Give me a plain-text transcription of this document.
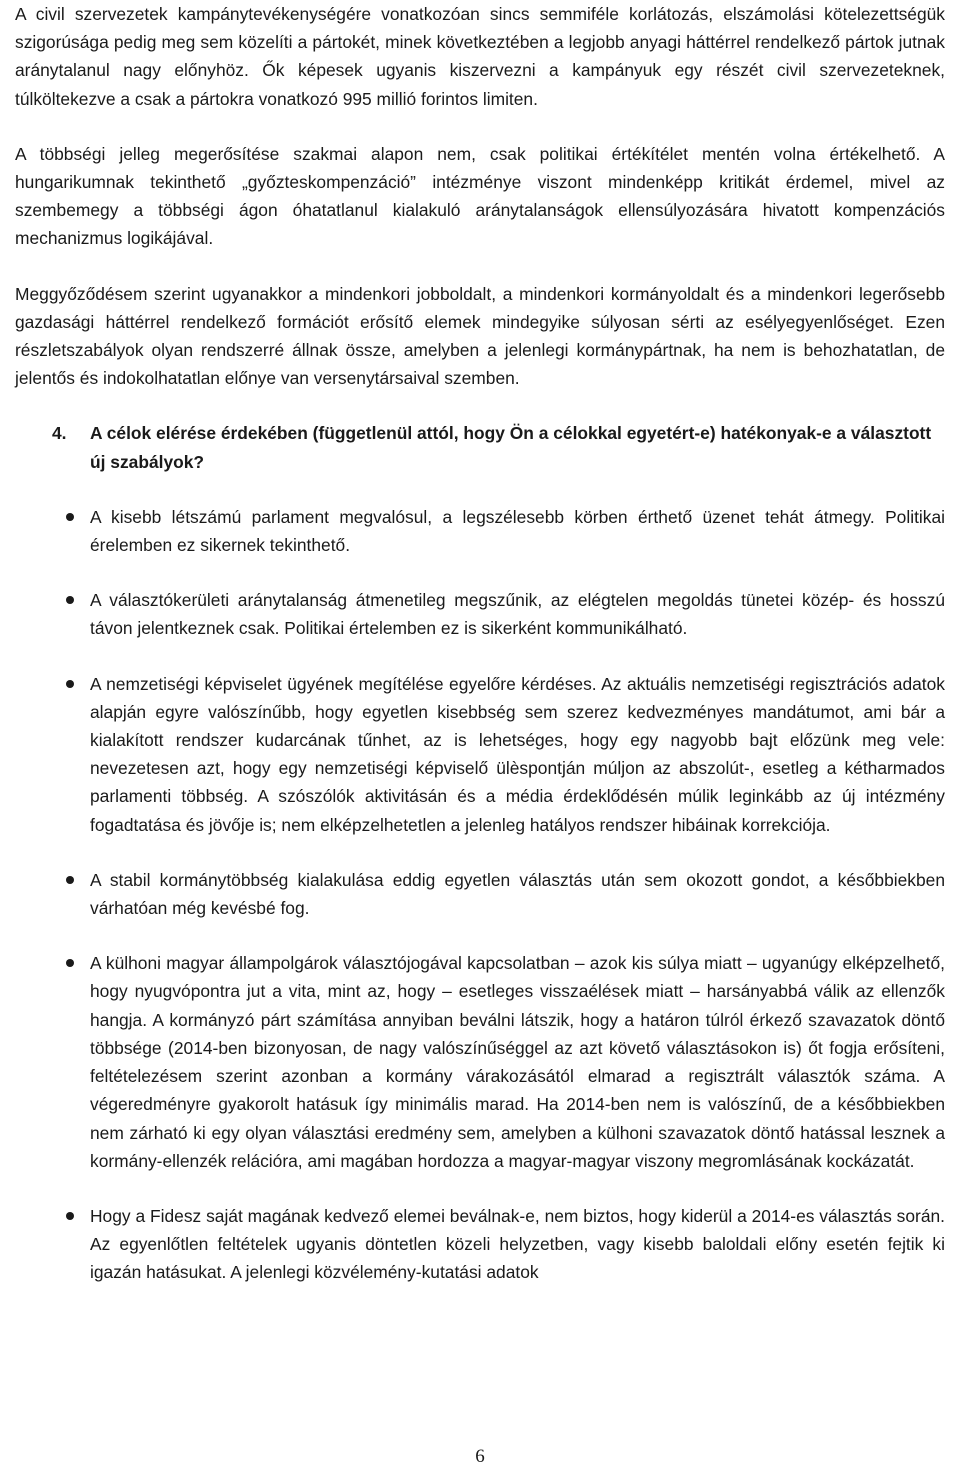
A civil szervezetek kampánytevékenységére vonatkozóan sincs semmiféle korlátozás, elszámolási kötelezettségük szigorúsága pedig meg sem közelíti a pártokét, minek következtében a legjobb anyagi háttérrel rendelkező pártok jutnak aránytalanul nagy előnyhöz. Ők képesek ugyanis kiszervezni a kampányuk egy részét civil szervezeteknek, túlköltekezve a csak a pártokra vonatkozó 995 millió forintos limiten.

A többségi jelleg megerősítése szakmai alapon nem, csak politikai értékítélet mentén volna értékelhető. A hungarikumnak tekinthető „győzteskompenzáció” intézménye viszont mindenképp kritikát érdemel, mivel az szembemegy a többségi ágon óhatatlanul kialakuló aránytalanságok ellensúlyozására hivatott kompenzációs mechanizmus logikájával.

Meggyőződésem szerint ugyanakkor a mindenkori jobboldalt, a mindenkori kormányoldalt és a mindenkori legerősebb gazdasági háttérrel rendelkező formációt erősítő elemek mindegyike súlyosan sérti az esélyegyenlőséget. Ezen részletszabályok olyan rendszerré állnak össze, amelyben a jelenlegi kormánypártnak, ha nem is behozhatatlan, de jelentős és indokolhatatlan előnye van versenytársaival szemben.

4.	A célok elérése érdekében (függetlenül attól, hogy Ön a célokkal egyetért-e) hatékonyak-e a választott új szabályok?
A kisebb létszámú parlament megvalósul, a legszélesebb körben érthető üzenet tehát átmegy. Politikai érelemben ez sikernek tekinthető.
A választókerületi aránytalanság átmenetileg megszűnik, az elégtelen megoldás tünetei közép- és hosszú távon jelentkeznek csak. Politikai értelemben ez is sikerként kommunikálható.
A nemzetiségi képviselet ügyének megítélése egyelőre kérdéses. Az aktuális nemzetiségi regisztrációs adatok alapján egyre valószínűbb, hogy egyetlen kisebbség sem szerez kedvezményes mandátumot, ami bár a kialakított rendszer kudarcának tűnhet, az is lehetséges, hogy egy nagyobb bajt előzünk meg vele: nevezetesen azt, hogy egy nemzetiségi képviselő ülèspontján múljon az abszolút-, esetleg a kétharmados parlamenti többség. A szószólók aktivitásán és a média érdeklődésén múlik leginkább az új intézmény fogadtatása és jövője is; nem elképzelhetetlen a jelenleg hatályos rendszer hibáinak korrekciója.
A stabil kormánytöbbség kialakulása eddig egyetlen választás után sem okozott gondot, a későbbiekben várhatóan még kevésbé fog.
A külhoni magyar állampolgárok választójogával kapcsolatban – azok kis súlya miatt – ugyanúgy elképzelhető, hogy nyugvópontra jut a vita, mint az, hogy – esetleges visszaélések miatt – harsányabbá válik az ellenzők hangja. A kormányzó párt számítása annyiban beválni látszik, hogy a határon túlról érkező szavazatok döntő többsége (2014-ben bizonyosan, de nagy valószínűséggel az azt követő választásokon is) őt fogja erősíteni, feltételezésem szerint azonban a kormány várakozásától elmarad a regisztrált választók száma. A végeredményre gyakorolt hatásuk így minimális marad. Ha 2014-ben nem is valószínű, de a későbbiekben nem zárható ki egy olyan választási eredmény sem, amelyben a külhoni szavazatok döntő hatással lesznek a kormány-ellenzék relációra, ami magában hordozza a magyar-magyar viszony megromlásának kockázatát.
Hogy a Fidesz saját magának kedvező elemei beválnak-e, nem biztos, hogy kiderül a 2014-es választás során. Az egyenlőtlen feltételek ugyanis döntetlen közeli helyzetben, vagy kisebb baloldali előny esetén fejtik ki igazán hatásukat. A jelenlegi közvélemény-kutatási adatok
6
